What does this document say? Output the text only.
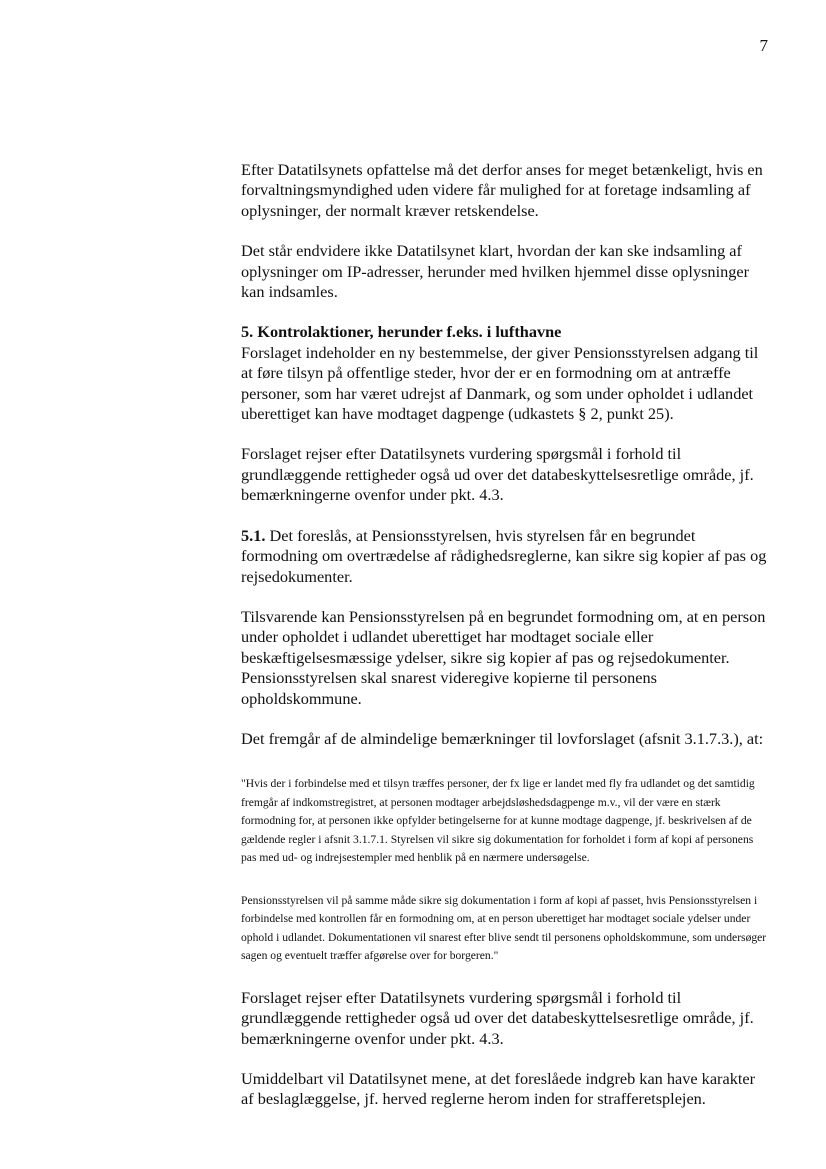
7

Efter Datatilsynets opfattelse må det derfor anses for meget betænkeligt, hvis en forvaltningsmyndighed uden videre får mulighed for at foretage indsamling af oplysninger, der normalt kræver retskendelse.

Det står endvidere ikke Datatilsynet klart, hvordan der kan ske indsamling af oplysninger om IP-adresser, herunder med hvilken hjemmel disse oplysninger kan indsamles.

5. Kontrolaktioner, herunder f.eks. i lufthavne

Forslaget indeholder en ny bestemmelse, der giver Pensionsstyrelsen adgang til at føre tilsyn på offentlige steder, hvor der er en formodning om at antræffe personer, som har været udrejst af Danmark, og som under opholdet i udlandet uberettiget kan have modtaget dagpenge (udkastets § 2, punkt 25).

Forslaget rejser efter Datatilsynets vurdering spørgsmål i forhold til grundlæggende rettigheder også ud over det databeskyttelsesretlige område, jf. bemærkningerne ovenfor under pkt. 4.3.

5.1. Det foreslås, at Pensionsstyrelsen, hvis styrelsen får en begrundet formodning om overtrædelse af rådighedsreglerne, kan sikre sig kopier af pas og rejsedokumenter.

Tilsvarende kan Pensionsstyrelsen på en begrundet formodning om, at en person under opholdet i udlandet uberettiget har modtaget sociale eller beskæftigelsesmæssige ydelser, sikre sig kopier af pas og rejsedokumenter. Pensionsstyrelsen skal snarest videregive kopierne til personens opholdskommune.

Det fremgår af de almindelige bemærkninger til lovforslaget (afsnit 3.1.7.3.), at:

"Hvis der i forbindelse med et tilsyn træffes personer, der fx lige er landet med fly fra udlandet og det samtidig fremgår af indkomstregistret, at personen modtager arbejdsløshedsdagpenge m.v., vil der være en stærk formodning for, at personen ikke opfylder betingelserne for at kunne modtage dagpenge, jf. beskrivelsen af de gældende regler i afsnit 3.1.7.1. Styrelsen vil sikre sig dokumentation for forholdet i form af kopi af personens pas med ud- og indrejsestempler med henblik på en nærmere undersøgelse.

Pensionsstyrelsen vil på samme måde sikre sig dokumentation i form af kopi af passet, hvis Pensionsstyrelsen i forbindelse med kontrollen får en formodning om, at en person uberettiget har modtaget sociale ydelser under ophold i udlandet. Dokumentationen vil snarest efter blive sendt til personens opholdskommune, som undersøger sagen og eventuelt træffer afgørelse over for borgeren."

Forslaget rejser efter Datatilsynets vurdering spørgsmål i forhold til grundlæggende rettigheder også ud over det databeskyttelsesretlige område, jf. bemærkningerne ovenfor under pkt. 4.3.

Umiddelbart vil Datatilsynet mene, at det foreslåede indgreb kan have karakter af beslaglæggelse, jf. herved reglerne herom inden for strafferetsplejen.
